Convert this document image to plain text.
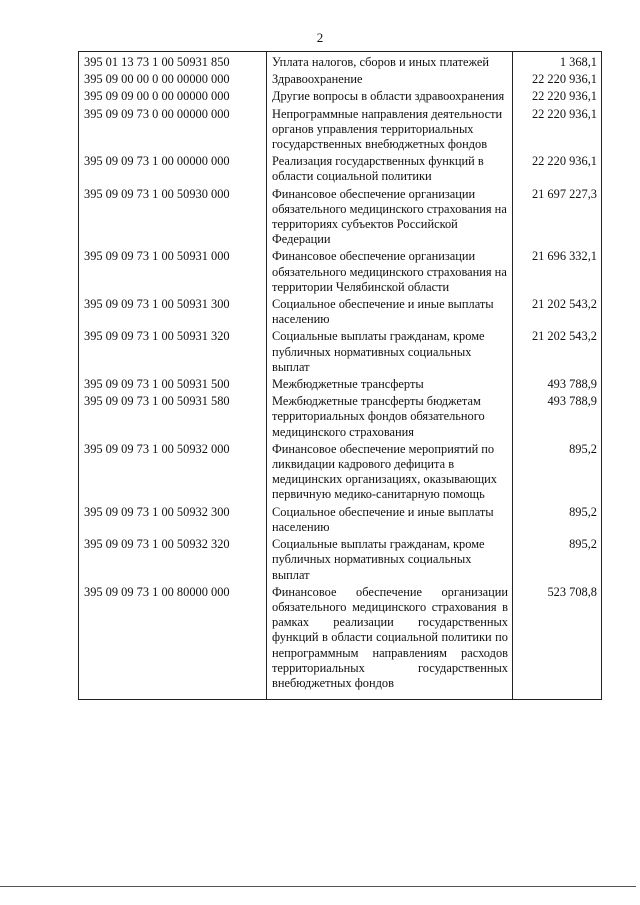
2
395 01 13 73 1 00 50931 850	Уплата налогов, сборов и иных платежей	1 368,1
395 09 00 00 0 00 00000 000	Здравоохранение	22 220 936,1
395 09 09 00 0 00 00000 000	Другие вопросы в области здравоохранения	22 220 936,1
395 09 09 73 0 00 00000 000	Непрограммные направления деятельности органов управления территориальных государственных внебюджетных фондов	22 220 936,1
395 09 09 73 1 00 00000 000	Реализация государственных функций в области социальной политики	22 220 936,1
395 09 09 73 1 00 50930 000	Финансовое обеспечение организации обязательного медицинского страхования на территориях субъектов Российской Федерации	21 697 227,3
395 09 09 73 1 00 50931 000	Финансовое обеспечение организации обязательного медицинского страхования на территории Челябинской области	21 696 332,1
395 09 09 73 1 00 50931 300	Социальное обеспечение и иные выплаты населению	21 202 543,2
395 09 09 73 1 00 50931 320	Социальные выплаты гражданам, кроме публичных нормативных социальных выплат	21 202 543,2
395 09 09 73 1 00 50931 500	Межбюджетные трансферты	493 788,9
395 09 09 73 1 00 50931 580	Межбюджетные трансферты бюджетам территориальных фондов обязательного медицинского страхования	493 788,9
395 09 09 73 1 00 50932 000	Финансовое обеспечение мероприятий по ликвидации кадрового дефицита в медицинских организациях, оказывающих первичную медико-санитарную помощь	895,2
395 09 09 73 1 00 50932 300	Социальное обеспечение и иные выплаты населению	895,2
395 09 09 73 1 00 50932 320	Социальные выплаты гражданам, кроме публичных нормативных социальных выплат	895,2
395 09 09 73 1 00 80000 000	Финансовое обеспечение организации обязательного медицинского страхования в рамках реализации государственных функций в области социальной политики по непрограммным направлениям расходов территориальных государственных внебюджетных фондов	523 708,8
